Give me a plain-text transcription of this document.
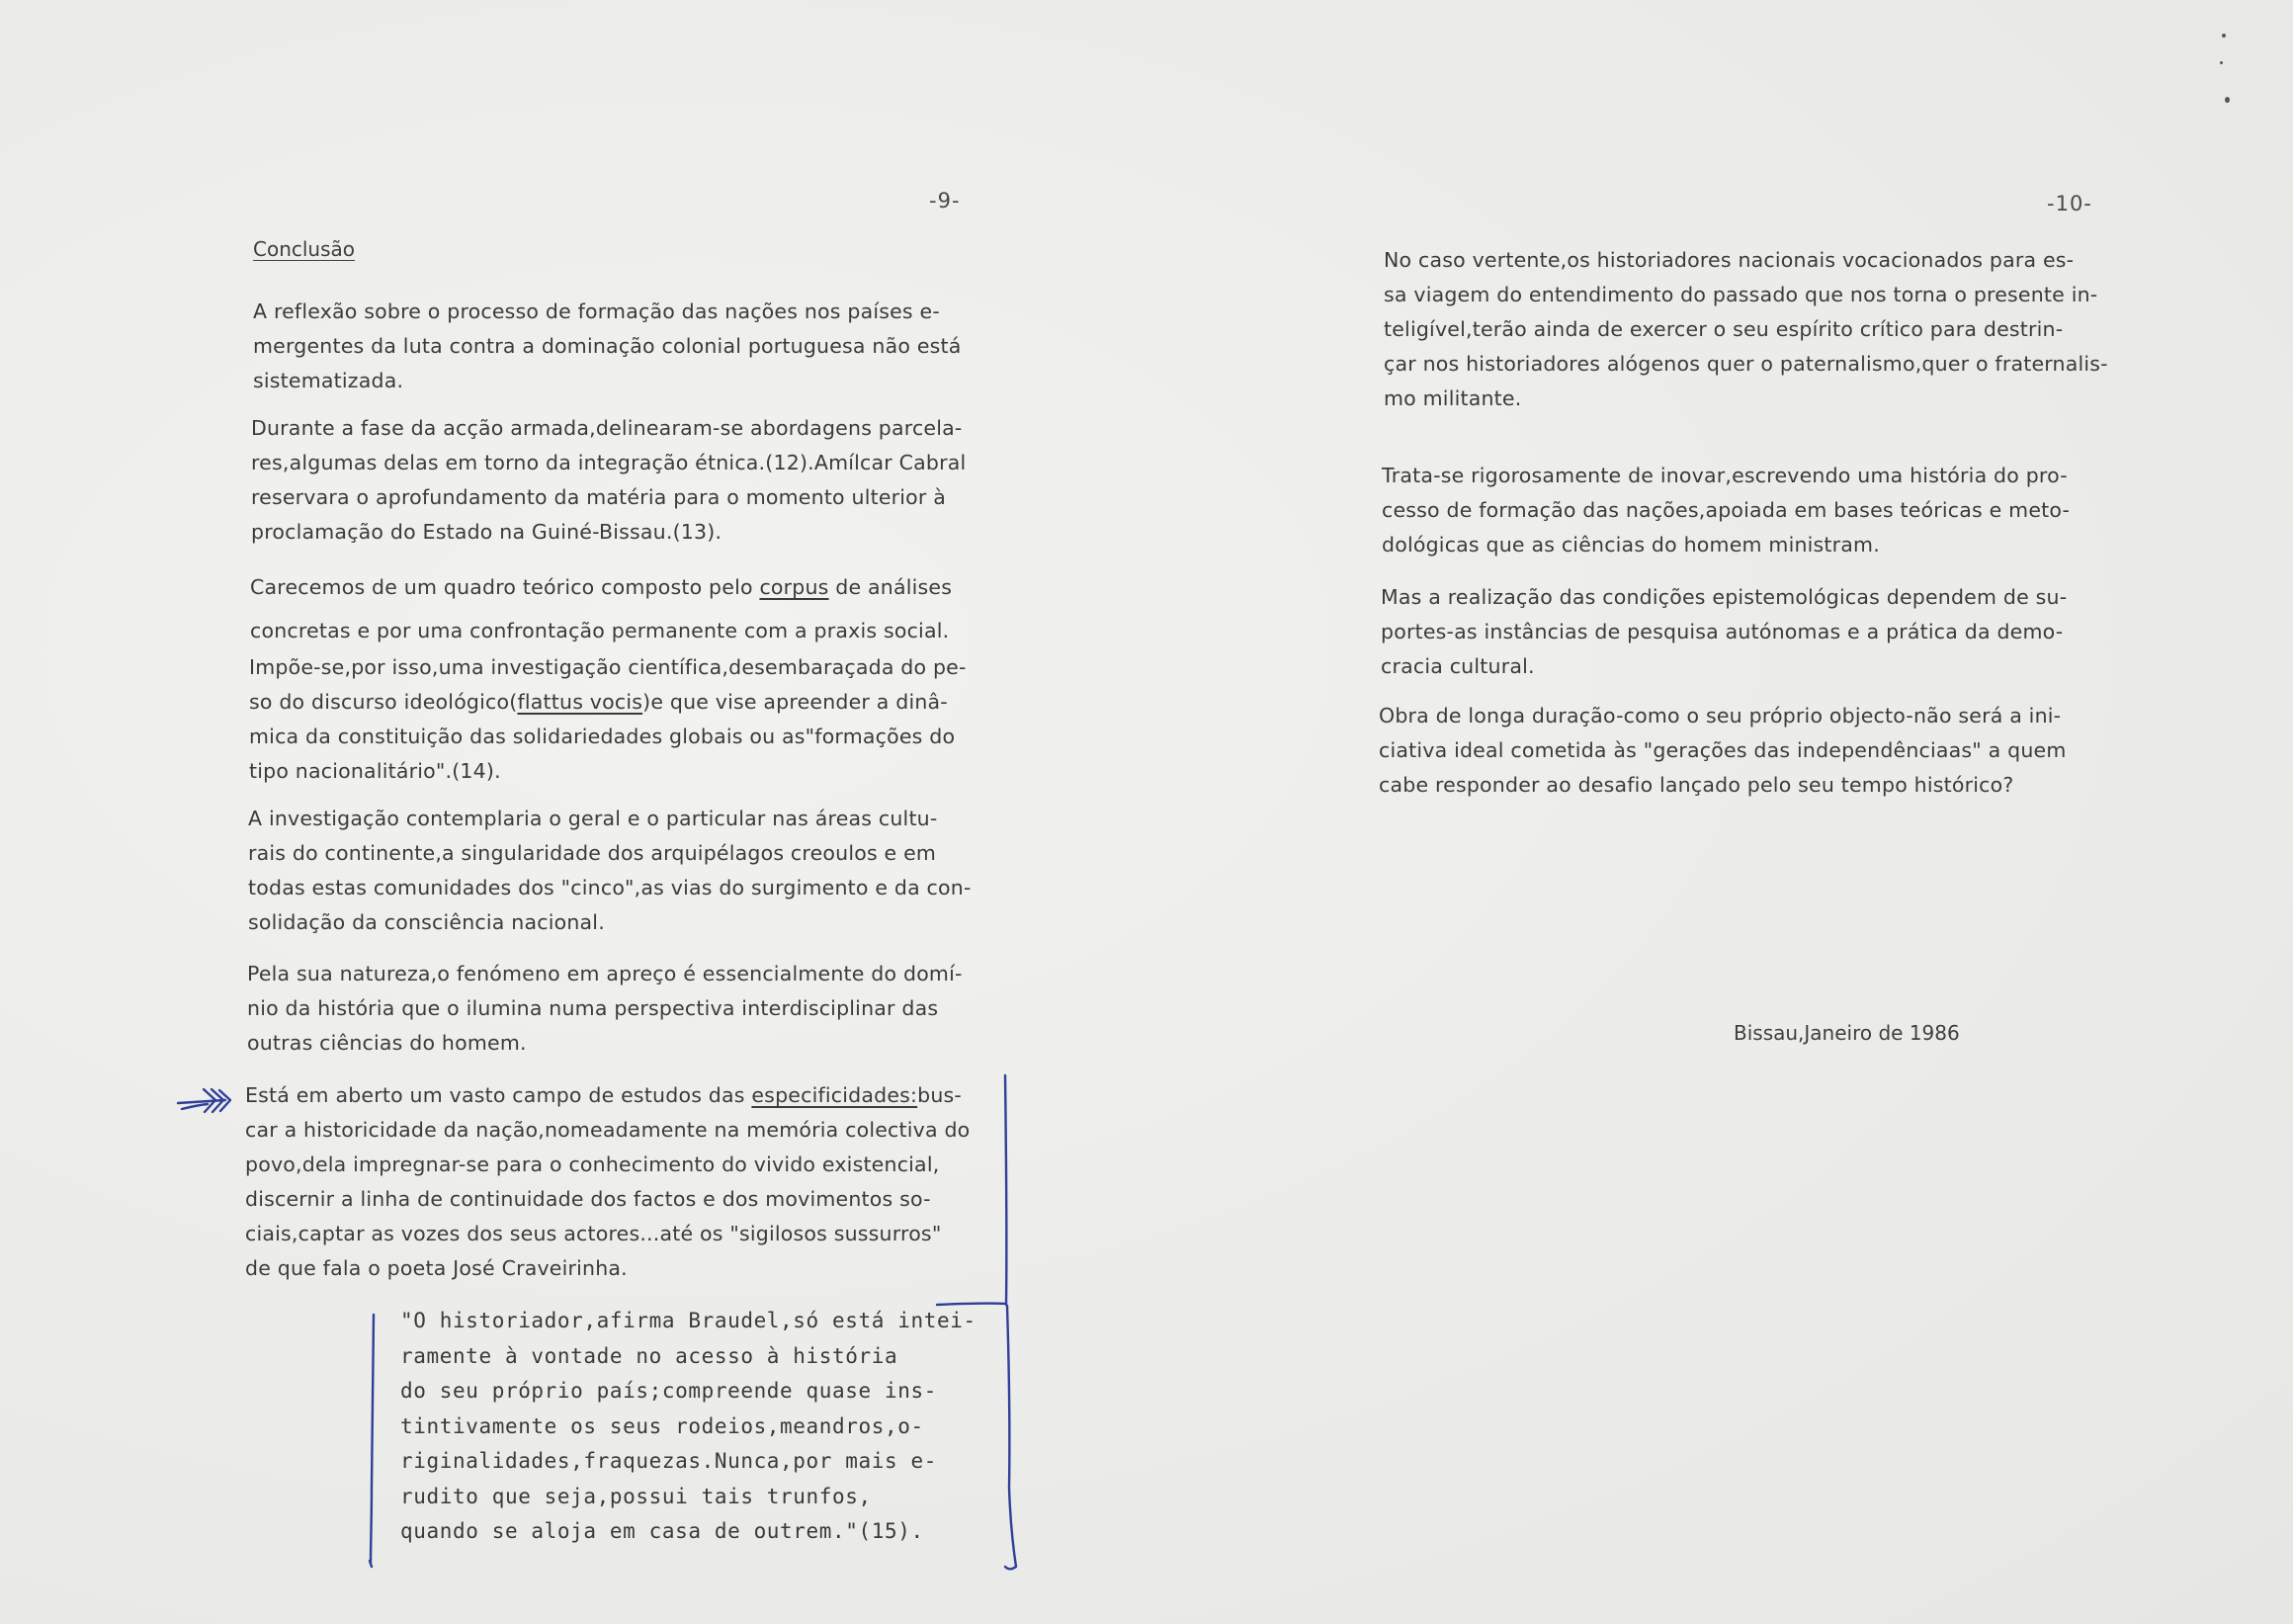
-9-
Conclusão

A reflexão sobre o processo de formação das nações nos países e-
mergentes da luta contra a dominação colonial portuguesa não está
sistematizada.

Durante a fase da acção armada,delinearam-se abordagens parcela-
res,algumas delas em torno da integração étnica.(12).Amílcar Cabral
reservara o aprofundamento da matéria para o momento ulterior à
proclamação do Estado na Guiné-Bissau.(13).

Carecemos de um quadro teórico composto pelo corpus de análises
concretas e por uma confrontação permanente com a praxis social.

Impõe-se,por isso,uma investigação científica,desembaraçada do pe-
so do discurso ideológico(flattus vocis)e que vise apreender a dinâ-
mica da constituição das solidariedades globais ou as"formações do
tipo nacionalitário".(14).

A investigação contemplaria o geral e o particular nas áreas cultu-
rais do continente,a singularidade dos arquipélagos creoulos e em
todas estas comunidades dos "cinco",as vias do surgimento e da con-
solidação da consciência nacional.

Pela sua natureza,o fenómeno em apreço é essencialmente do domí-
nio da história que o ilumina numa perspectiva interdisciplinar das
outras ciências do homem.

Está em aberto um vasto campo de estudos das especificidades:bus-
car a historicidade da nação,nomeadamente na memória colectiva do
povo,dela impregnar-se para o conhecimento do vivido existencial,
discernir a linha de continuidade dos factos e dos movimentos so-
ciais,captar as vozes dos seus actores...até os "sigilosos sussurros"
de que fala o poeta José Craveirinha.

"O historiador,afirma Braudel,só está intei-
ramente à vontade no acesso à história
do seu próprio país;compreende quase ins-
tintivamente os seus rodeios,meandros,o-
riginalidades,fraquezas.Nunca,por mais e-
rudito que seja,possui tais trunfos,
quando se aloja em casa de outrem."(15).

-10-

No caso vertente,os historiadores nacionais vocacionados para es-
sa viagem do entendimento do passado que nos torna o presente in-
teligível,terão ainda de exercer o seu espírito crítico para destrin-
çar nos historiadores alógenos quer o paternalismo,quer o fraternalis-
mo militante.

Trata-se rigorosamente de inovar,escrevendo uma história do pro-
cesso de formação das nações,apoiada em bases teóricas e meto-
dológicas que as ciências do homem ministram.

Mas a realização das condições epistemológicas dependem de su-
portes-as instâncias de pesquisa autónomas e a prática da demo-
cracia cultural.

Obra de longa duração-como o seu próprio objecto-não será a ini-
ciativa ideal cometida às "gerações das independênciaas" a quem
cabe responder ao desafio lançado pelo seu tempo histórico?

Bissau,Janeiro de 1986
